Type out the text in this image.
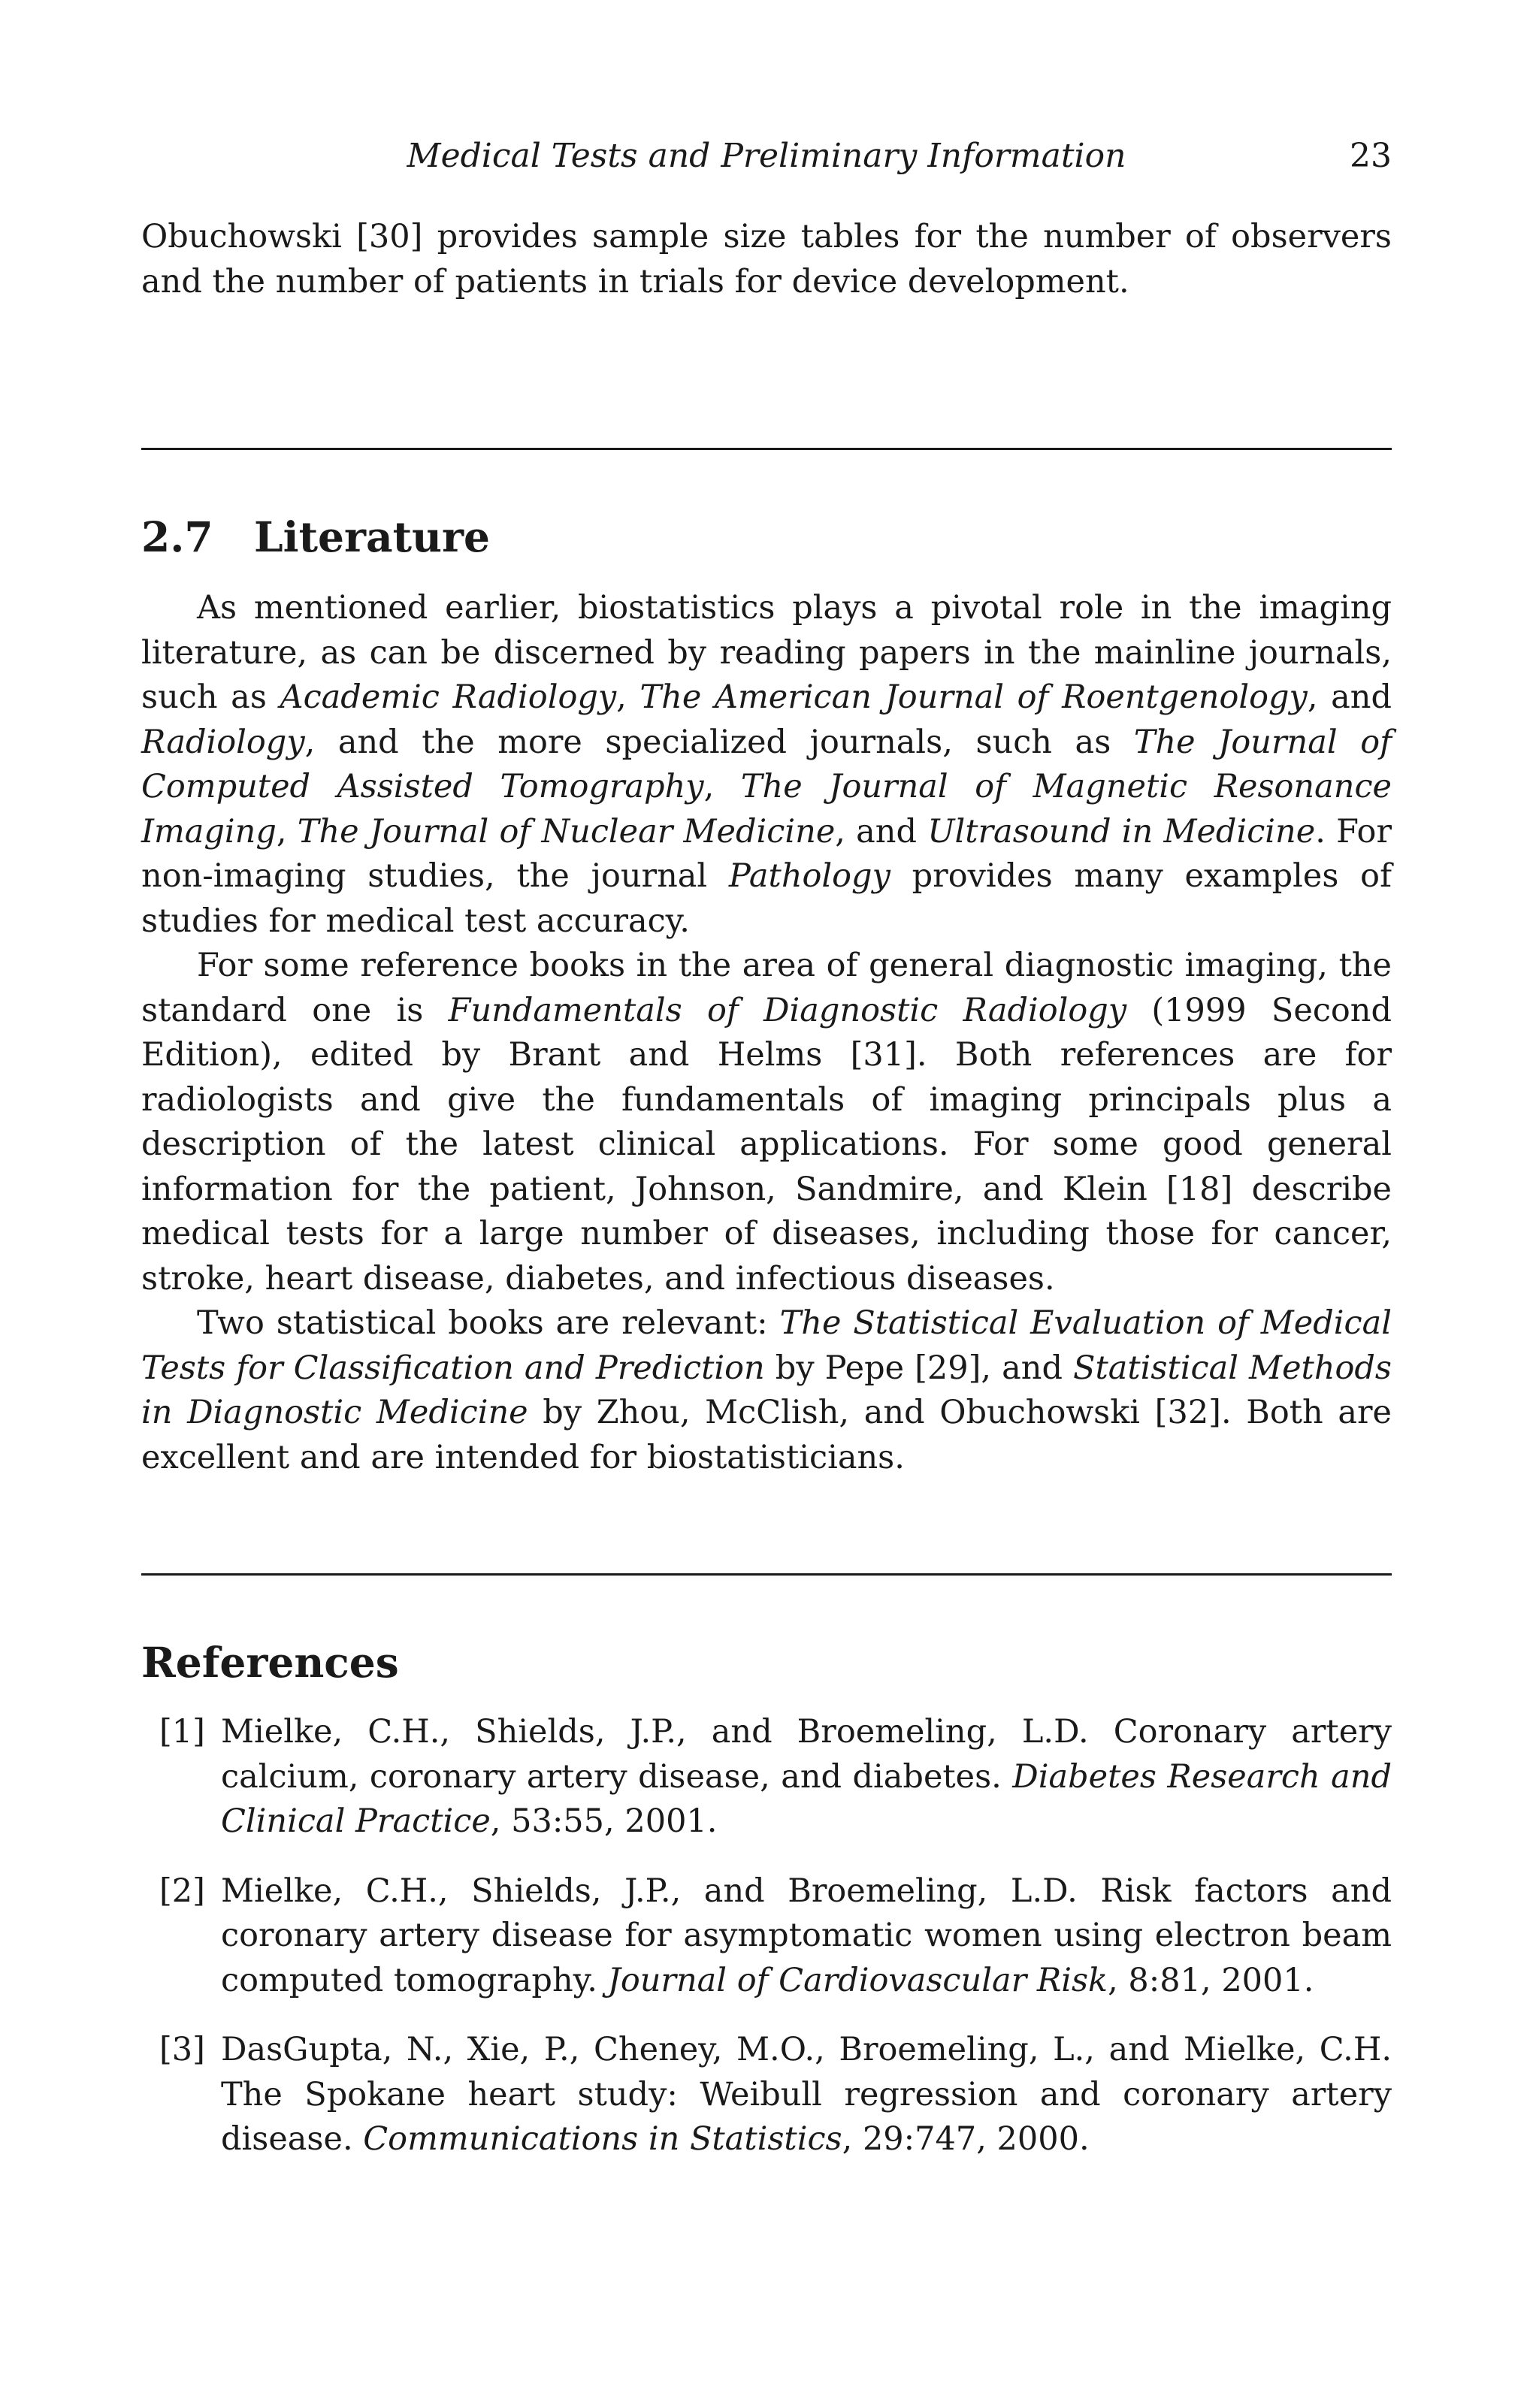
Medical Tests and Preliminary Information	23

Obuchowski [30] provides sample size tables for the number of observers and the number of patients in trials for device development.

2.7 Literature

As mentioned earlier, biostatistics plays a pivotal role in the imaging literature, as can be discerned by reading papers in the mainline journals, such as Academic Radiology, The American Journal of Roentgenology, and Radiology, and the more specialized journals, such as The Journal of Computed Assisted Tomography, The Journal of Magnetic Resonance Imaging, The Journal of Nuclear Medicine, and Ultrasound in Medicine. For non-imaging studies, the journal Pathology provides many examples of studies for medical test accuracy.

For some reference books in the area of general diagnostic imaging, the standard one is Fundamentals of Diagnostic Radiology (1999 Second Edition), edited by Brant and Helms [31]. Both references are for radiologists and give the fundamentals of imaging principals plus a description of the latest clinical applications. For some good general information for the patient, Johnson, Sandmire, and Klein [18] describe medical tests for a large number of diseases, including those for cancer, stroke, heart disease, diabetes, and infectious diseases.

Two statistical books are relevant: The Statistical Evaluation of Medical Tests for Classification and Prediction by Pepe [29], and Statistical Methods in Diagnostic Medicine by Zhou, McClish, and Obuchowski [32]. Both are excellent and are intended for biostatisticians.

References
[1] Mielke, C.H., Shields, J.P., and Broemeling, L.D. Coronary artery calcium, coronary artery disease, and diabetes. Diabetes Research and Clinical Practice, 53:55, 2001.
[2] Mielke, C.H., Shields, J.P., and Broemeling, L.D. Risk factors and coronary artery disease for asymptomatic women using electron beam computed tomography. Journal of Cardiovascular Risk, 8:81, 2001.
[3] DasGupta, N., Xie, P., Cheney, M.O., Broemeling, L., and Mielke, C.H. The Spokane heart study: Weibull regression and coronary artery disease. Communications in Statistics, 29:747, 2000.
